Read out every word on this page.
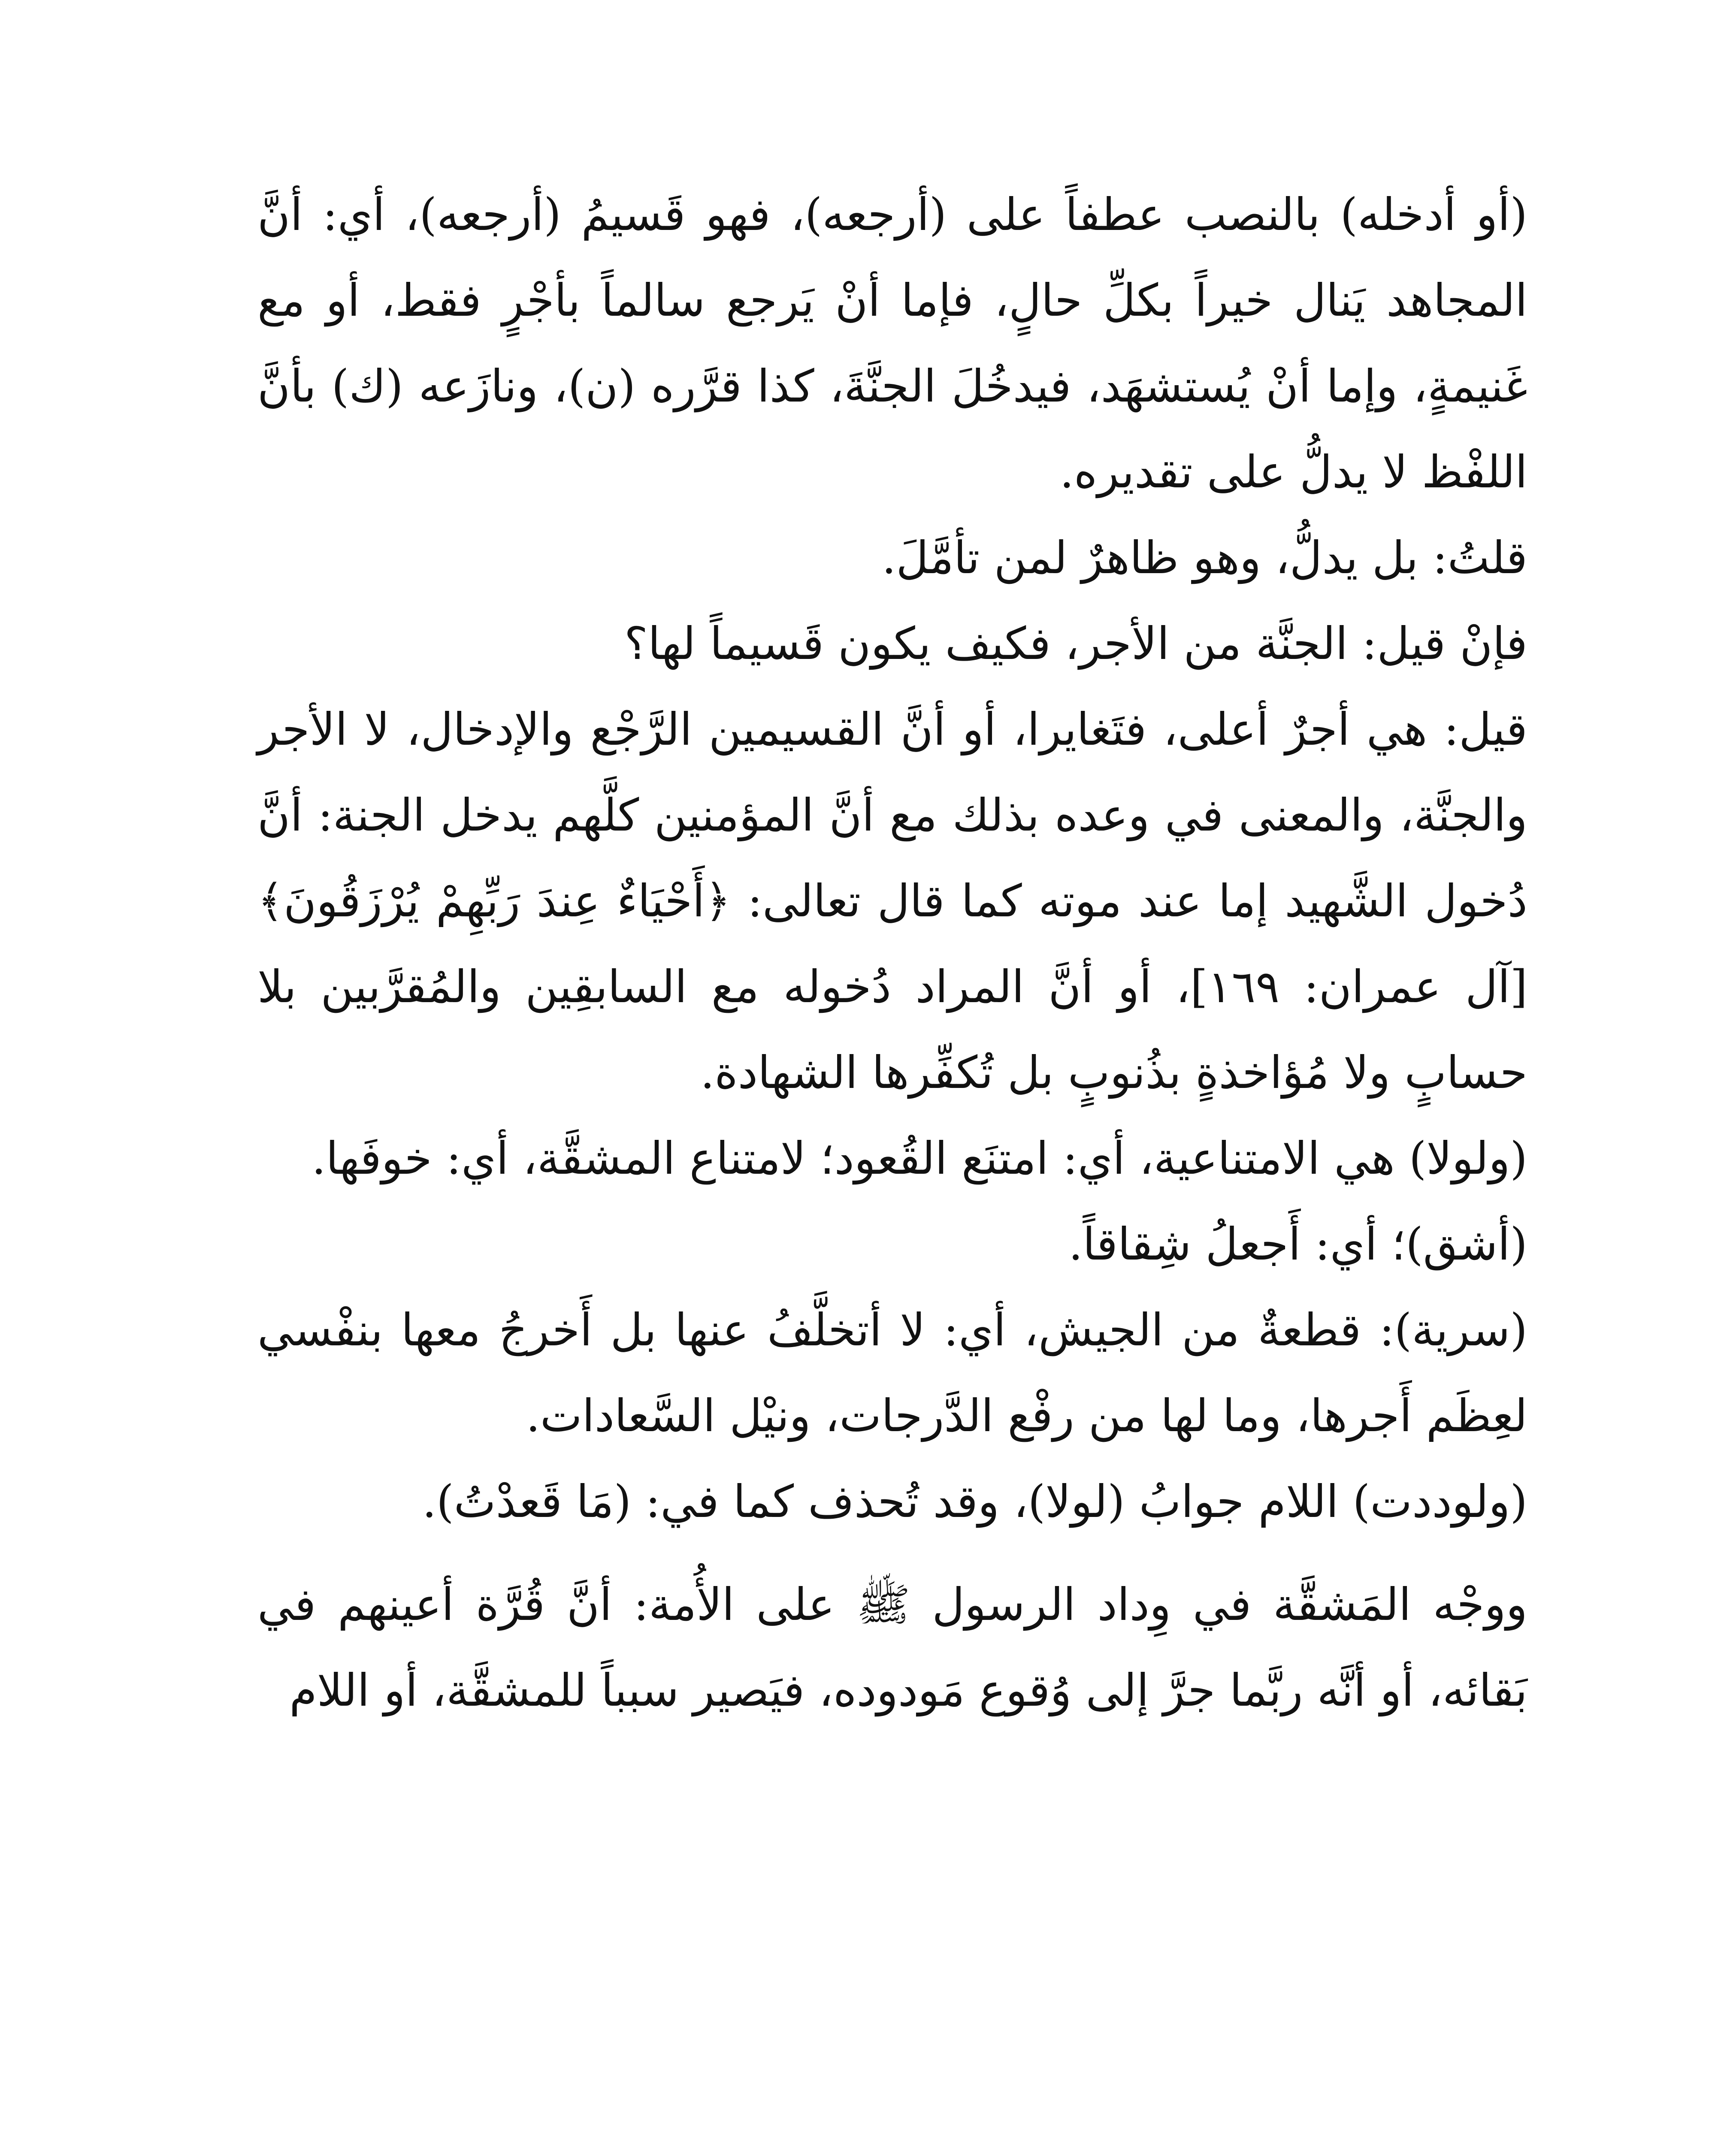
(أو أدخله) بالنصب عطفاً على (أرجعه)، فهو قَسيمُ (أرجعه)، أي: أنَّ المجاهد يَنال خيراً بكلِّ حالٍ، فإما أنْ يَرجع سالماً بأجْرٍ فقط، أو مع غَنيمةٍ، وإما أنْ يُستشهَد، فيدخُلَ الجنَّةَ، كذا قرَّره (ن)، ونازَعه (ك) بأنَّ اللفْظ لا يدلُّ على تقديره.

قلتُ: بل يدلُّ، وهو ظاهرٌ لمن تأمَّلَ.

فإنْ قيل: الجنَّة من الأجر، فكيف يكون قَسيماً لها؟

قيل: هي أجرٌ أعلى، فتَغايرا، أو أنَّ القسيمين الرَّجْع والإدخال، لا الأجر والجنَّة، والمعنى في وعده بذلك مع أنَّ المؤمنين كلَّهم يدخل الجنة: أنَّ دُخول الشَّهيد إما عند موته كما قال تعالى: ﴿أَحْيَاءٌ عِندَ رَبِّهِمْ يُرْزَقُونَ﴾[آل عمران: ١٦٩]، أو أنَّ المراد دُخوله مع السابقِين والمُقرَّبين بلا حسابٍ ولا مُؤاخذةٍ بذُنوبٍ بل تُكفِّرها الشهادة.

(ولولا) هي الامتناعية، أي: امتنَع القُعود؛ لامتناع المشقَّة، أي: خوفَها.

(أشق)؛ أي: أَجعلُ شِقاقاً.

(سرية): قطعةٌ من الجيش، أي: لا أتخلَّفُ عنها بل أَخرجُ معها بنفْسي لعِظَم أَجرها، وما لها من رفْع الدَّرجات، ونيْل السَّعادات.

(ولوددت) اللام جوابُ (لولا)، وقد تُحذف كما في: (مَا قَعدْتُ).

ووجْه المَشقَّة في وِداد الرسول ﷺ على الأُمة: أنَّ قُرَّة أعينهم في بَقائه، أو أنَّه ربَّما جرَّ إلى وُقوع مَودوده، فيَصير سبباً للمشقَّة، أو اللام
